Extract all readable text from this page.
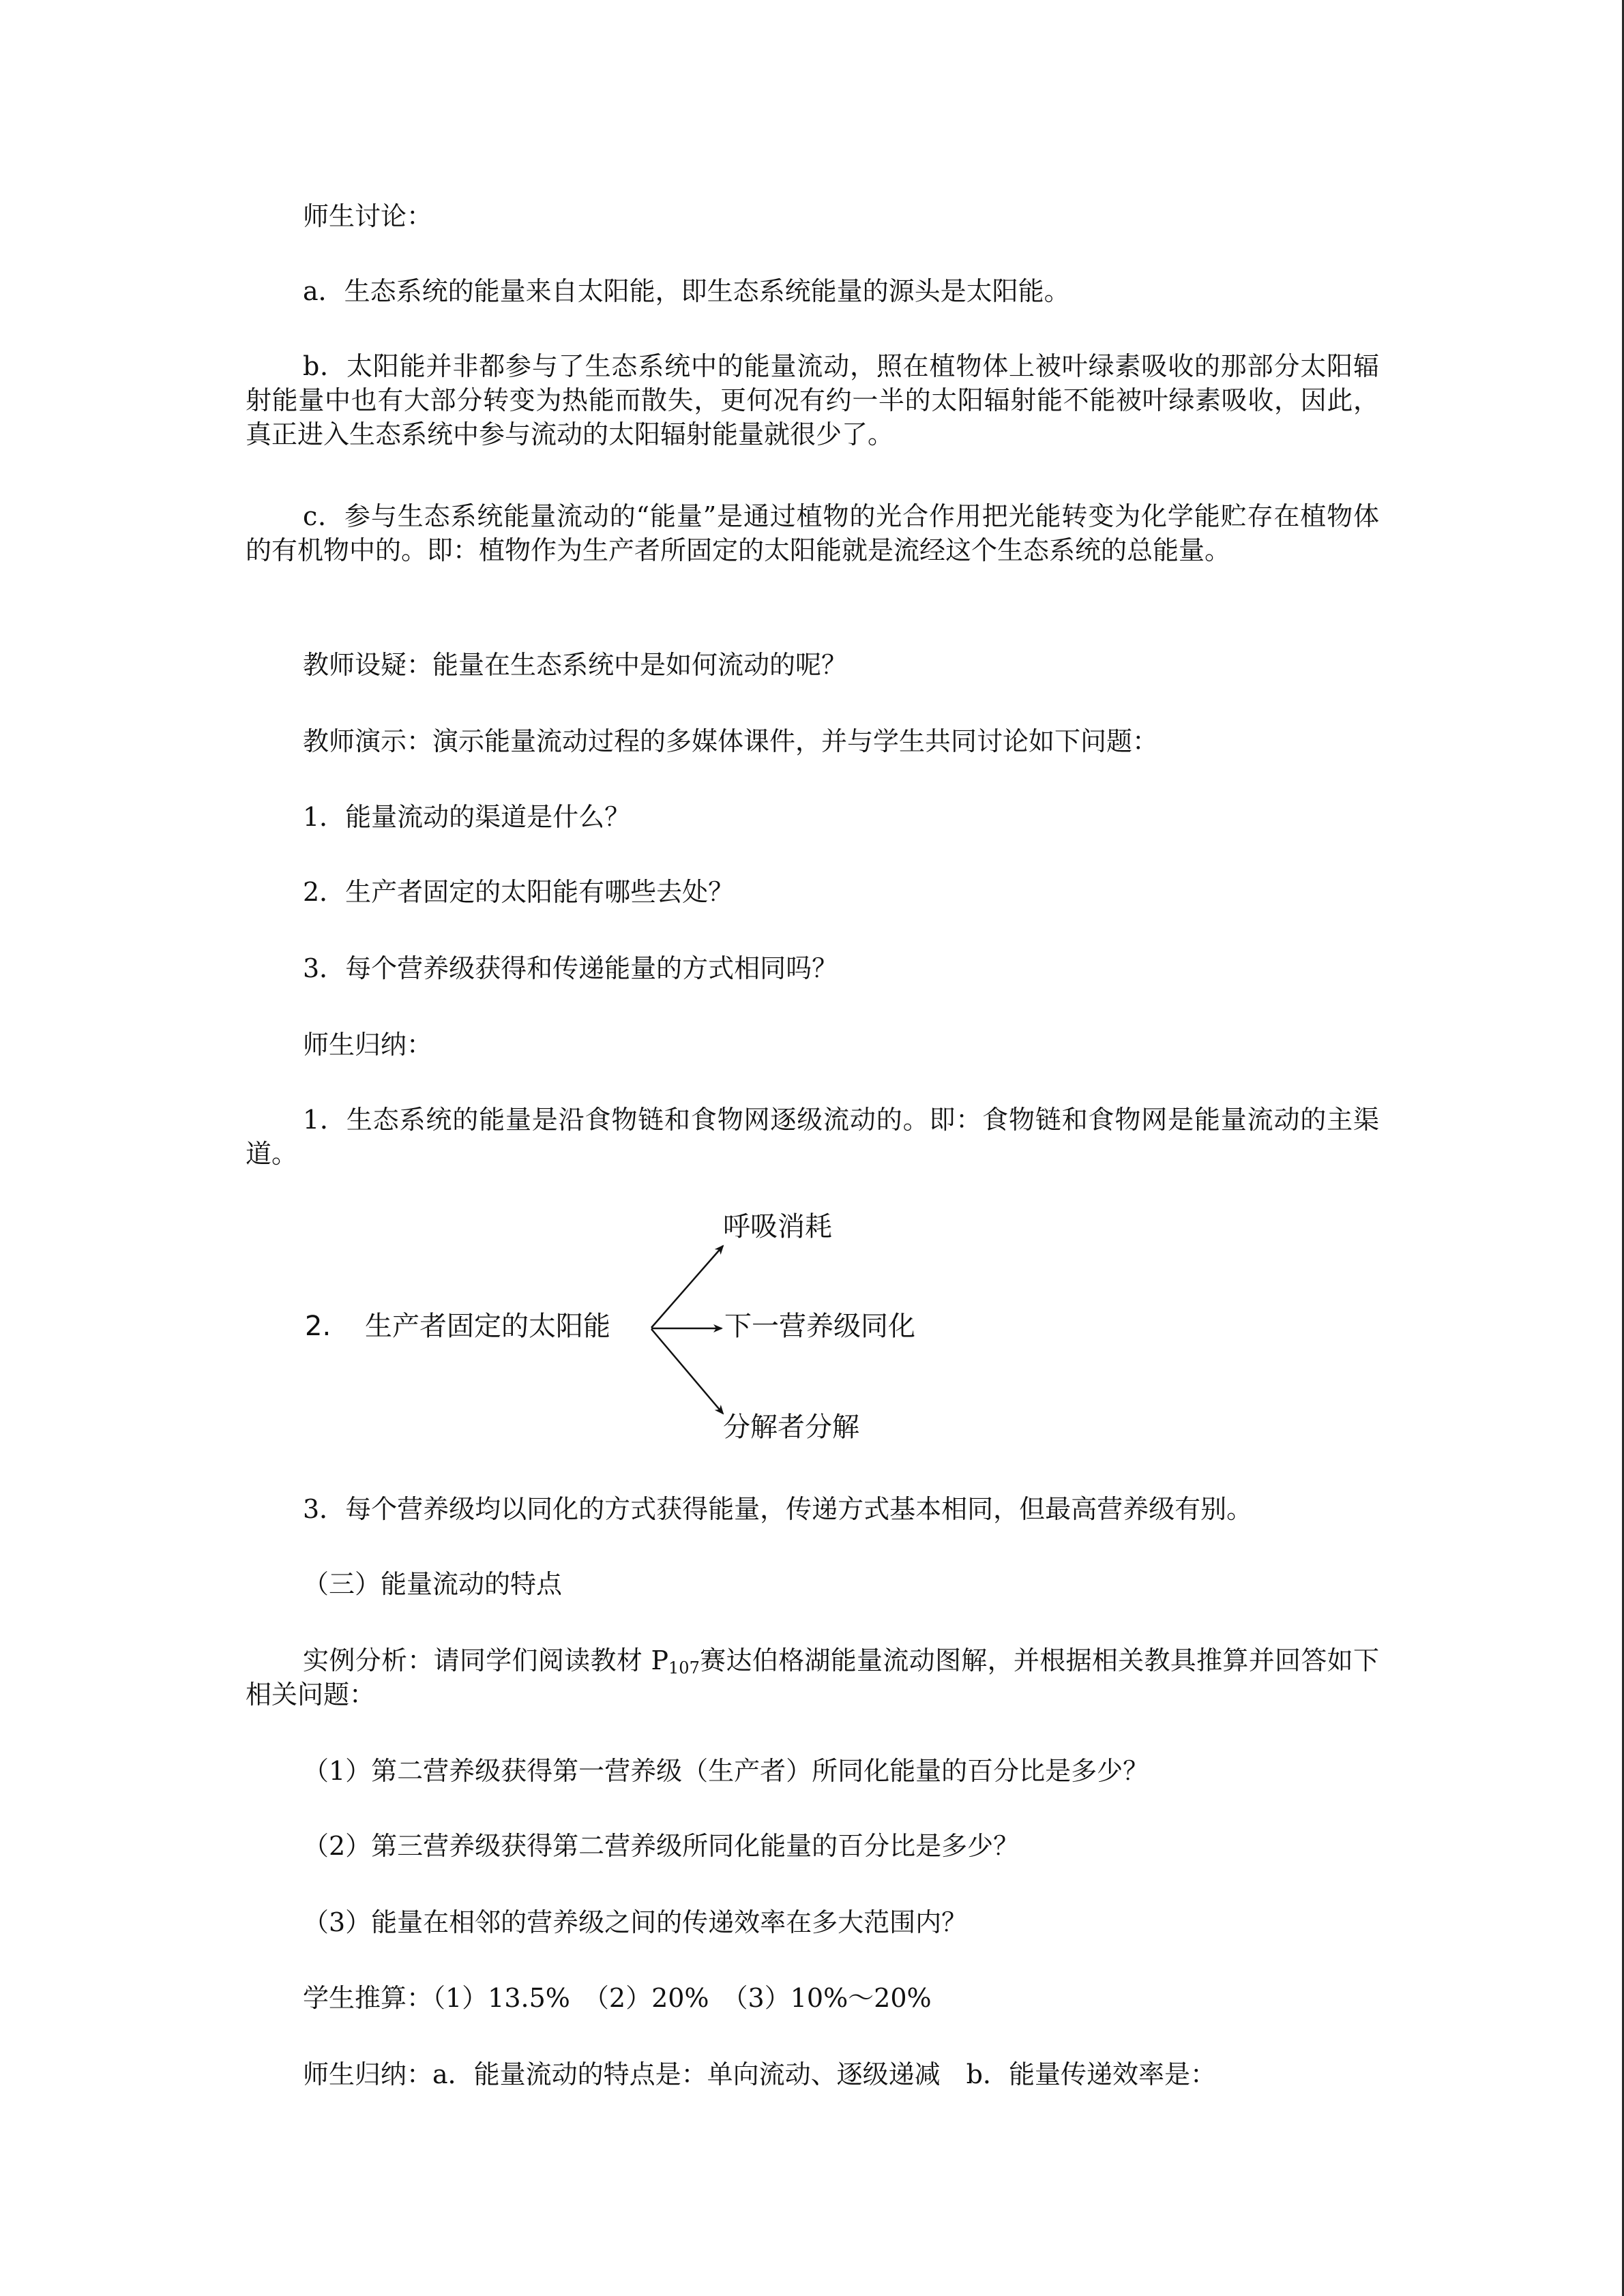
师生讨论：

a．生态系统的能量来自太阳能，即生态系统能量的源头是太阳能。

b．太阳能并非都参与了生态系统中的能量流动，照在植物体上被叶绿素吸收的那部分太阳辐射能量中也有大部分转变为热能而散失，更何况有约一半的太阳辐射能不能被叶绿素吸收，因此，真正进入生态系统中参与流动的太阳辐射能量就很少了。

c．参与生态系统能量流动的“能量”是通过植物的光合作用把光能转变为化学能贮存在植物体的有机物中的。即：植物作为生产者所固定的太阳能就是流经这个生态系统的总能量。

教师设疑：能量在生态系统中是如何流动的呢？

教师演示：演示能量流动过程的多媒体课件，并与学生共同讨论如下问题：

1．能量流动的渠道是什么？

2．生产者固定的太阳能有哪些去处？

3．每个营养级获得和传递能量的方式相同吗？

师生归纳：

1．生态系统的能量是沿食物链和食物网逐级流动的。即：食物链和食物网是能量流动的主渠道。

2. 生产者固定的太阳能
呼吸消耗
下一营养级同化
分解者分解

3．每个营养级均以同化的方式获得能量，传递方式基本相同，但最高营养级有别。

（三）能量流动的特点

实例分析：请同学们阅读教材 $P_{107}$赛达伯格湖能量流动图解，并根据相关教具推算并回答如下相关问题：

（1）第二营养级获得第一营养级（生产者）所同化能量的百分比是多少？

（2）第三营养级获得第二营养级所同化能量的百分比是多少？

（3）能量在相邻的营养级之间的传递效率在多大范围内？

学生推算：（1）13.5%　（2）20%　（3）10%～20%

师生归纳：a．能量流动的特点是：单向流动、逐级递减　b．能量传递效率是：
